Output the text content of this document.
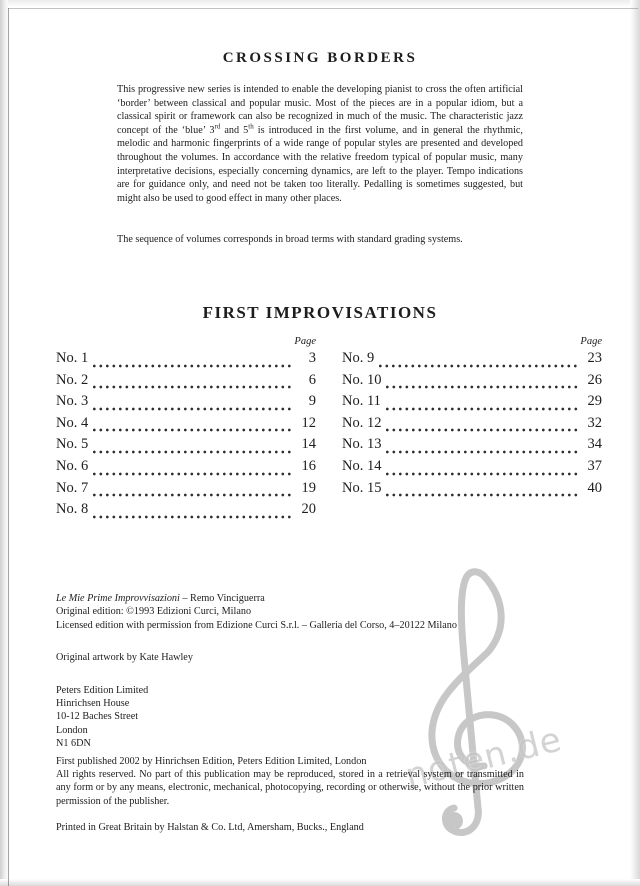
noten.de
CROSSING BORDERS
This progressive new series is intended to enable the developing pianist to cross the often artificial ‘border’ between classical and popular music. Most of the pieces are in a popular idiom, but a classical spirit or framework can also be recognized in much of the music. The characteristic jazz concept of the ‘blue’ 3rd and 5th is introduced in the first volume, and in general the rhythmic, melodic and harmonic fingerprints of a wide range of popular styles are presented and developed throughout the volumes. In accordance with the relative freedom typical of popular music, many interpretative decisions, especially concerning dynamics, are left to the player. Tempo indications are for guidance only, and need not be taken too literally. Pedalling is sometimes suggested, but might also be used to good effect in many other places.
The sequence of volumes corresponds in broad terms with standard grading systems.
FIRST IMPROVISATIONS
Page
No. 1	3
No. 2	6
No. 3	9
No. 4	12
No. 5	14
No. 6	16
No. 7	19
No. 8	20
Page
No. 9	23
No. 10	26
No. 11	29
No. 12	32
No. 13	34
No. 14	37
No. 15	40
Le Mie Prime Improvvisazioni – Remo Vinciguerra
Original edition: ©1993 Edizioni Curci, Milano
Licensed edition with permission from Edizione Curci S.r.l. – Galleria del Corso, 4–20122 Milano
Original artwork by Kate Hawley
Peters Edition Limited
Hinrichsen House
10-12 Baches Street
London
N1 6DN
First published 2002 by Hinrichsen Edition, Peters Edition Limited, London
All rights reserved. No part of this publication may be reproduced, stored in a retrieval system or transmitted in any form or by any means, electronic, mechanical, photocopying, recording or otherwise, without the prior written permission of the publisher.
Printed in Great Britain by Halstan & Co. Ltd, Amersham, Bucks., England
